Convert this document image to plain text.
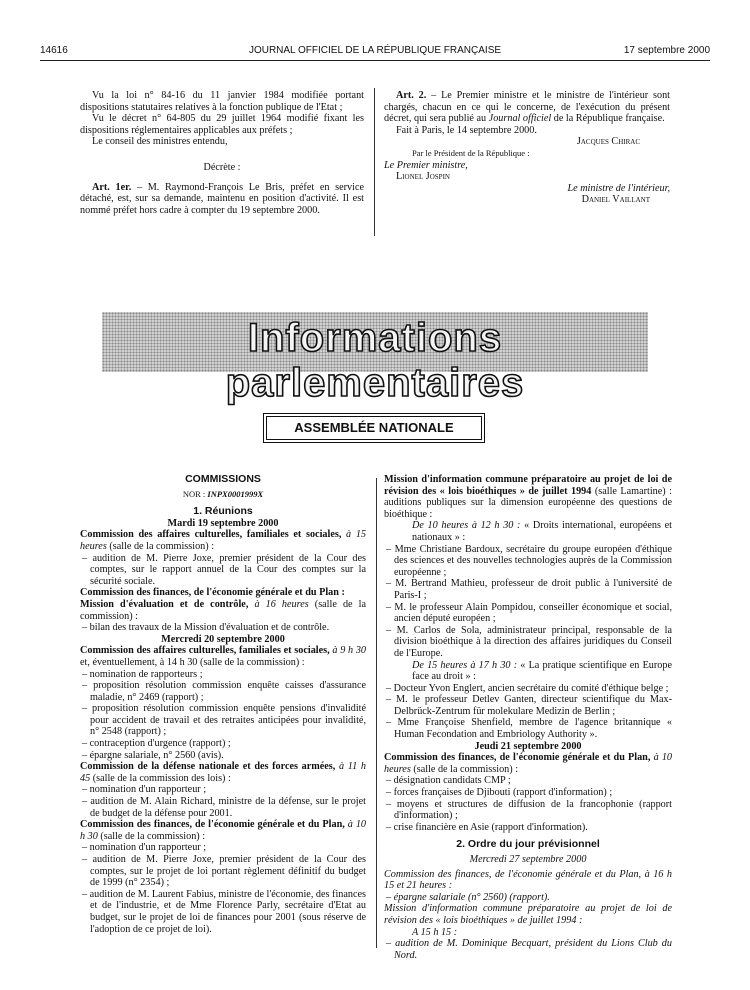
14616	JOURNAL OFFICIEL DE LA RÉPUBLIQUE FRANÇAISE	17 septembre 2000

Vu la loi n° 84-16 du 11 janvier 1984 modifiée portant dispositions statutaires relatives à la fonction publique de l'Etat ;

Vu le décret n° 64-805 du 29 juillet 1964 modifié fixant les dispositions réglementaires applicables aux préfets ;

Le conseil des ministres entendu,

Décrète :

Art. 1er. – M. Raymond-François Le Bris, préfet en service détaché, est, sur sa demande, maintenu en position d'activité. Il est nommé préfet hors cadre à compter du 19 septembre 2000.

Art. 2. – Le Premier ministre et le ministre de l'intérieur sont chargés, chacun en ce qui le concerne, de l'exécution du présent décret, qui sera publié au Journal officiel de la République française.

Fait à Paris, le 14 septembre 2000.

Jacques Chirac

Par le Président de la République :

Le Premier ministre,

Lionel Jospin

Le ministre de l'intérieur,

Daniel Vaillant

Informations parlementaires
ASSEMBLÉE NATIONALE

COMMISSIONS

NOR : INPX0001999X

1. Réunions

Mardi 19 septembre 2000

Commission des affaires culturelles, familiales et sociales, à 15 heures (salle de la commission) :

– audition de M. Pierre Joxe, premier président de la Cour des comptes, sur le rapport annuel de la Cour des comptes sur la sécurité sociale.

Commission des finances, de l'économie générale et du Plan :

Mission d'évaluation et de contrôle, à 16 heures (salle de la commission) :

– bilan des travaux de la Mission d'évaluation et de contrôle.

Mercredi 20 septembre 2000

Commission des affaires culturelles, familiales et sociales, à 9 h 30 et, éventuellement, à 14 h 30 (salle de la commission) :

– nomination de rapporteurs ;

– proposition résolution commission enquête caisses d'assurance maladie, n° 2469 (rapport) ;

– proposition résolution commission enquête pensions d'invalidité pour accident de travail et des retraites anticipées pour invalidité, n° 2548 (rapport) ;

– contraception d'urgence (rapport) ;

– épargne salariale, n° 2560 (avis).

Commission de la défense nationale et des forces armées, à 11 h 45 (salle de la commission des lois) :

– nomination d'un rapporteur ;

– audition de M. Alain Richard, ministre de la défense, sur le projet de budget de la défense pour 2001.

Commission des finances, de l'économie générale et du Plan, à 10 h 30 (salle de la commission) :

– nomination d'un rapporteur ;

– audition de M. Pierre Joxe, premier président de la Cour des comptes, sur le projet de loi portant règlement définitif du budget de 1999 (n° 2354) ;

– audition de M. Laurent Fabius, ministre de l'économie, des finances et de l'industrie, et de Mme Florence Parly, secrétaire d'Etat au budget, sur le projet de loi de finances pour 2001 (sous réserve de l'adoption de ce projet de loi).

Mission d'information commune préparatoire au projet de loi de révision des « lois bioéthiques » de juillet 1994 (salle Lamartine) : auditions publiques sur la dimension européenne des questions de bioéthique :

De 10 heures à 12 h 30 : « Droits international, européens et nationaux » :

– Mme Christiane Bardoux, secrétaire du groupe européen d'éthique des sciences et des nouvelles technologies auprès de la Commission européenne ;

– M. Bertrand Mathieu, professeur de droit public à l'université de Paris-I ;

– M. le professeur Alain Pompidou, conseiller économique et social, ancien député européen ;

– M. Carlos de Sola, administrateur principal, responsable de la division bioéthique à la direction des affaires juridiques du Conseil de l'Europe.

De 15 heures à 17 h 30 : « La pratique scientifique en Europe face au droit » :

– Docteur Yvon Englert, ancien secrétaire du comité d'éthique belge ;

– M. le professeur Detlev Ganten, directeur scientifique du Max-Delbrück-Zentrum für molekulare Medizin de Berlin ;

– Mme Françoise Shenfield, membre de l'agence britannique « Human Fecondation and Embriology Authority ».

Jeudi 21 septembre 2000

Commission des finances, de l'économie générale et du Plan, à 10 heures (salle de la commission) :

– désignation candidats CMP ;

– forces françaises de Djibouti (rapport d'information) ;

– moyens et structures de diffusion de la francophonie (rapport d'information) ;

– crise financière en Asie (rapport d'information).

2. Ordre du jour prévisionnel

Mercredi 27 septembre 2000

Commission des finances, de l'économie générale et du Plan, à 16 h 15 et 21 heures :

– épargne salariale (n° 2560) (rapport).

Mission d'information commune préparatoire au projet de loi de révision des « lois bioéthiques » de juillet 1994 :

A 15 h 15 :

– audition de M. Dominique Becquart, président du Lions Club du Nord.
